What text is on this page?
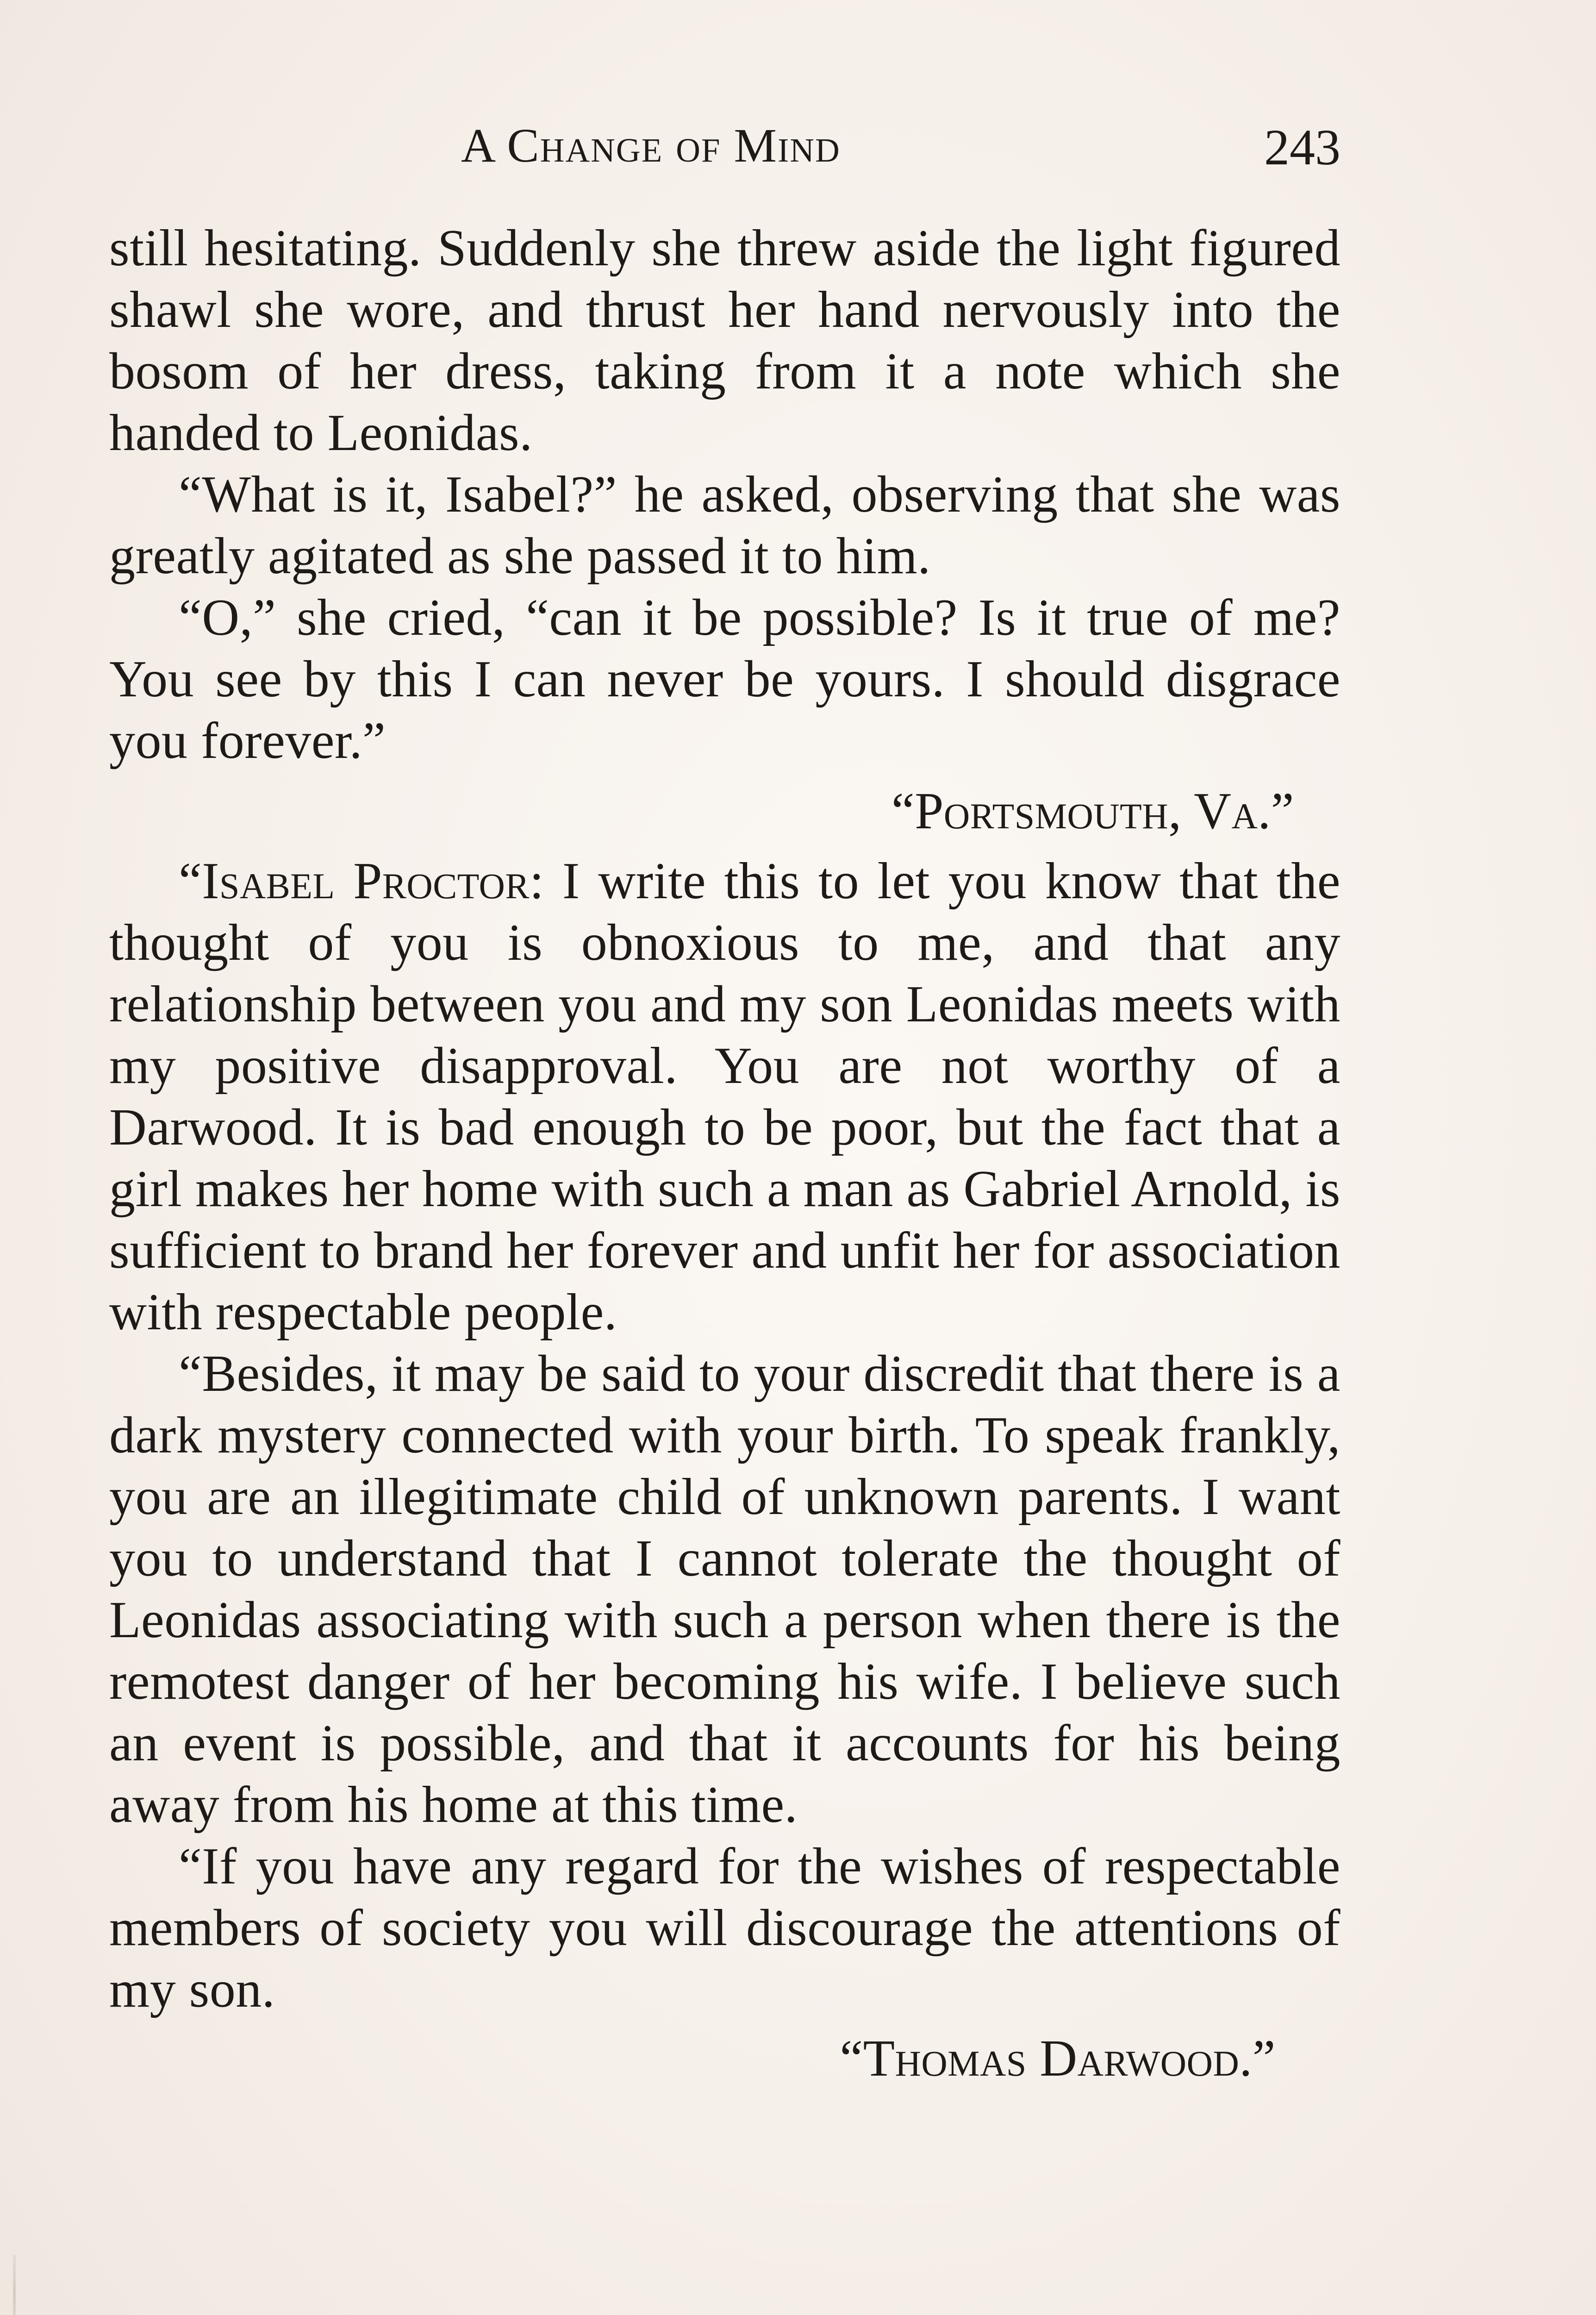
A Change of Mind	243

still hesitating. Suddenly she threw aside the light figured shawl she wore, and thrust her hand nervously into the bosom of her dress, taking from it a note which she handed to Leonidas.

“What is it, Isabel?” he asked, observing that she was greatly agitated as she passed it to him.

“O,” she cried, “can it be possible? Is it true of me? You see by this I can never be yours. I should disgrace you forever.”

“Portsmouth, Va.”

“Isabel Proctor: I write this to let you know that the thought of you is obnoxious to me, and that any relationship between you and my son Leonidas meets with my positive disapproval. You are not worthy of a Darwood. It is bad enough to be poor, but the fact that a girl makes her home with such a man as Gabriel Arnold, is sufficient to brand her forever and unfit her for association with respectable people.

“Besides, it may be said to your discredit that there is a dark mystery connected with your birth. To speak frankly, you are an illegitimate child of unknown parents. I want you to understand that I cannot tolerate the thought of Leonidas associating with such a person when there is the remotest danger of her becoming his wife. I believe such an event is possible, and that it accounts for his being away from his home at this time.

“If you have any regard for the wishes of respectable members of society you will discourage the attentions of my son.

“Thomas Darwood.”
